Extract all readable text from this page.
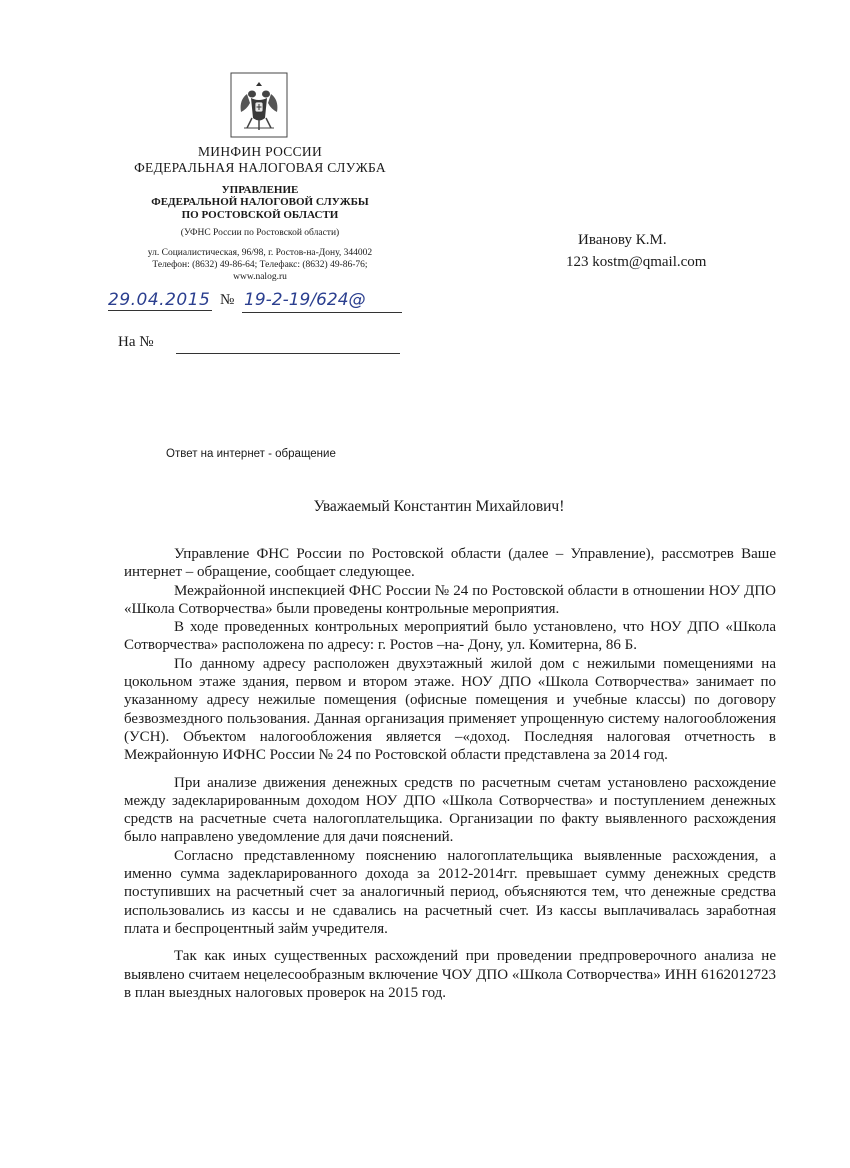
МИНФИН РОССИИ
ФЕДЕРАЛЬНАЯ НАЛОГОВАЯ СЛУЖБА
УПРАВЛЕНИЕ
ФЕДЕРАЛЬНОЙ НАЛОГОВОЙ СЛУЖБЫ
ПО РОСТОВСКОЙ ОБЛАСТИ
(УФНС России по Ростовской области)
ул. Социалистическая, 96/98, г. Ростов-на-Дону, 344002
Телефон: (8632) 49-86-64; Телефакс: (8632) 49-86-76;
www.nalog.ru
29.04.2015 № 19-2-19/624@
На №
Иванову К.М.
123 kostm@qmail.com
Ответ на интернет - обращение
Уважаемый Константин Михайлович!

Управление ФНС России по Ростовской области (далее – Управление), рассмотрев Ваше интернет – обращение, сообщает следующее.

Межрайонной инспекцией ФНС России № 24 по Ростовской области в отношении НОУ ДПО «Школа Сотворчества» были проведены контрольные мероприятия.

В ходе проведенных контрольных мероприятий было установлено, что НОУ ДПО «Школа Сотворчества» расположена по адресу: г. Ростов –на- Дону, ул. Комитерна, 86 Б.

По данному адресу расположен двухэтажный жилой дом с нежилыми помещениями на цокольном этаже здания, первом и втором этаже. НОУ ДПО «Школа Сотворчества» занимает по указанному адресу нежилые помещения (офисные помещения и учебные классы) по договору безвозмездного пользования. Данная организация применяет упрощенную систему налогообложения (УСН). Объектом налогообложения является –«доход. Последняя налоговая отчетность в Межрайонную ИФНС России № 24 по Ростовской области представлена за 2014 год.

При анализе движения денежных средств по расчетным счетам установлено расхождение между задекларированным доходом НОУ ДПО «Школа Сотворчества» и поступлением денежных средств на расчетные счета налогоплательщика. Организации по факту выявленного расхождения было направлено уведомление для дачи пояснений.

Согласно представленному пояснению налогоплательщика выявленные расхождения, а именно сумма задекларированного дохода за 2012-2014гг. превышает сумму денежных средств поступивших на расчетный счет за аналогичный период, объясняются тем, что денежные средства использовались из кассы и не сдавались на расчетный счет. Из кассы выплачивалась заработная плата и беспроцентный займ учредителя.

Так как иных существенных расхождений при проведении предпроверочного анализа не выявлено считаем нецелесообразным включение ЧОУ ДПО «Школа Сотворчества» ИНН 6162012723 в план выездных налоговых проверок на 2015 год.
